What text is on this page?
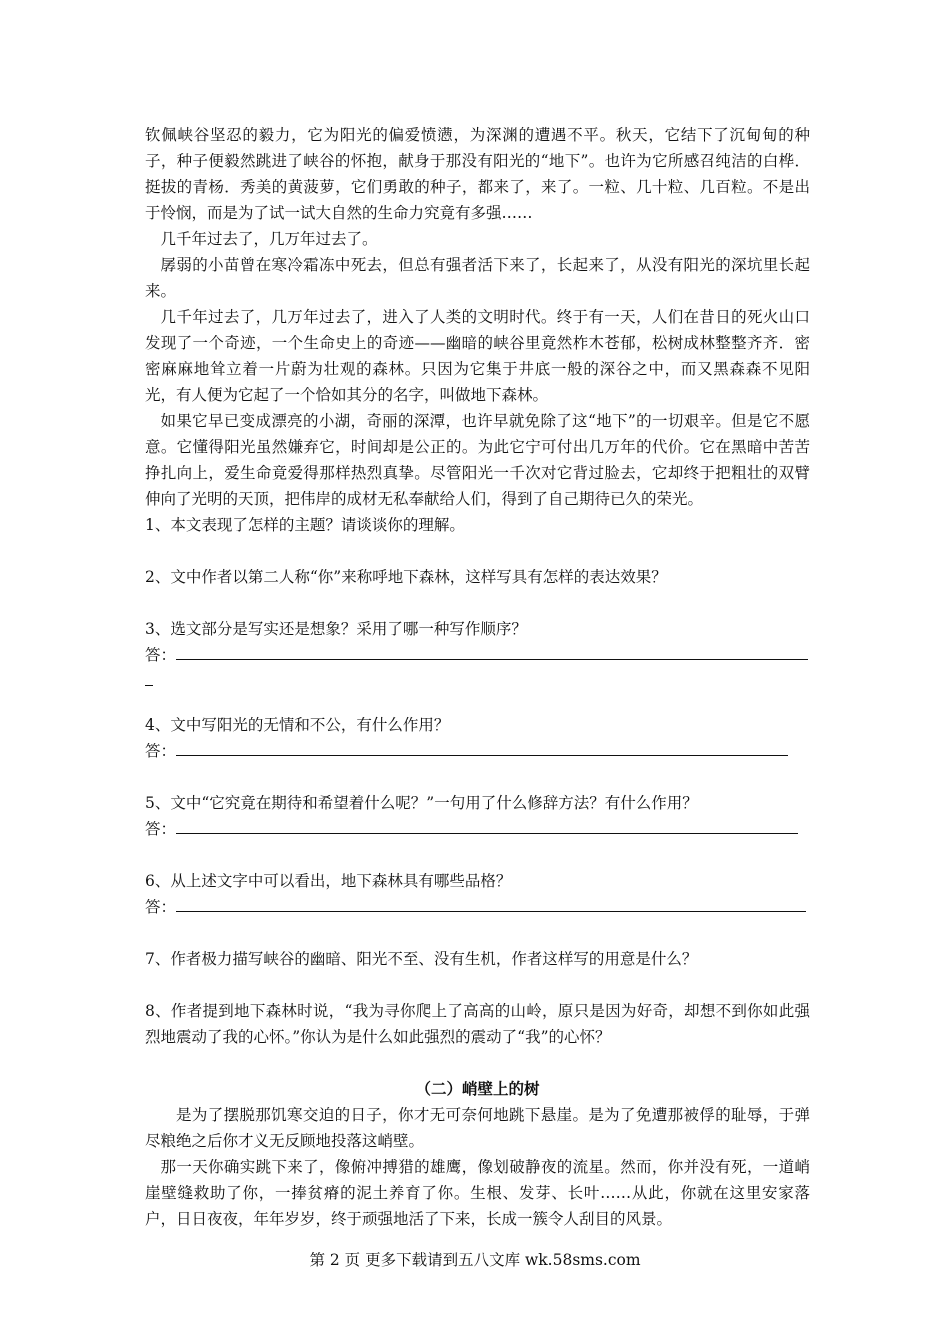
钦佩峡谷坚忍的毅力，它为阳光的偏爱愤懑，为深渊的遭遇不平。秋天，它结下了沉甸甸的种子，种子便毅然跳进了峡谷的怀抱，献身于那没有阳光的“地下”。也许为它所感召纯洁的白桦．挺拔的青杨．秀美的黄菠萝，它们勇敢的种子，都来了，来了。一粒、几十粒、几百粒。不是出于怜悯，而是为了试一试大自然的生命力究竟有多强……

几千年过去了，几万年过去了。

孱弱的小苗曾在寒冷霜冻中死去，但总有强者活下来了，长起来了，从没有阳光的深坑里长起来。

几千年过去了，几万年过去了，进入了人类的文明时代。终于有一天，人们在昔日的死火山口发现了一个奇迹，一个生命史上的奇迹——幽暗的峡谷里竟然柞木苍郁，松树成林整整齐齐．密密麻麻地耸立着一片蔚为壮观的森林。只因为它集于井底一般的深谷之中，而又黑森森不见阳光，有人便为它起了一个恰如其分的名字，叫做地下森林。

如果它早已变成漂亮的小湖，奇丽的深潭，也许早就免除了这“地下”的一切艰辛。但是它不愿意。它懂得阳光虽然嫌弃它，时间却是公正的。为此它宁可付出几万年的代价。它在黑暗中苦苦挣扎向上，爱生命竟爱得那样热烈真挚。尽管阳光一千次对它背过脸去，它却终于把粗壮的双臂伸向了光明的天顶，把伟岸的成材无私奉献给人们，得到了自己期待已久的荣光。

1、本文表现了怎样的主题？请谈谈你的理解。

2、文中作者以第二人称“你”来称呼地下森林，这样写具有怎样的表达效果？

3、选文部分是写实还是想象？采用了哪一种写作顺序？

答：

4、文中写阳光的无情和不公，有什么作用？

答：

5、文中“它究竟在期待和希望着什么呢？”一句用了什么修辞方法？有什么作用？

答：

6、从上述文字中可以看出，地下森林具有哪些品格？

答：

7、作者极力描写峡谷的幽暗、阳光不至、没有生机，作者这样写的用意是什么？

8、作者提到地下森林时说，“我为寻你爬上了高高的山岭，原只是因为好奇，却想不到你如此强烈地震动了我的心怀。”你认为是什么如此强烈的震动了“我”的心怀？

（二）峭壁上的树

是为了摆脱那饥寒交迫的日子，你才无可奈何地跳下悬崖。是为了免遭那被俘的耻辱，于弹尽粮绝之后你才义无反顾地投落这峭壁。

那一天你确实跳下来了，像俯冲搏猎的雄鹰，像划破静夜的流星。然而，你并没有死，一道峭崖壁缝救助了你，一捧贫瘠的泥土养育了你。生根、发芽、长叶……从此，你就在这里安家落户，日日夜夜，年年岁岁，终于顽强地活了下来，长成一簇令人刮目的风景。

第 2 页 更多下载请到五八文库 wk.58sms.com
